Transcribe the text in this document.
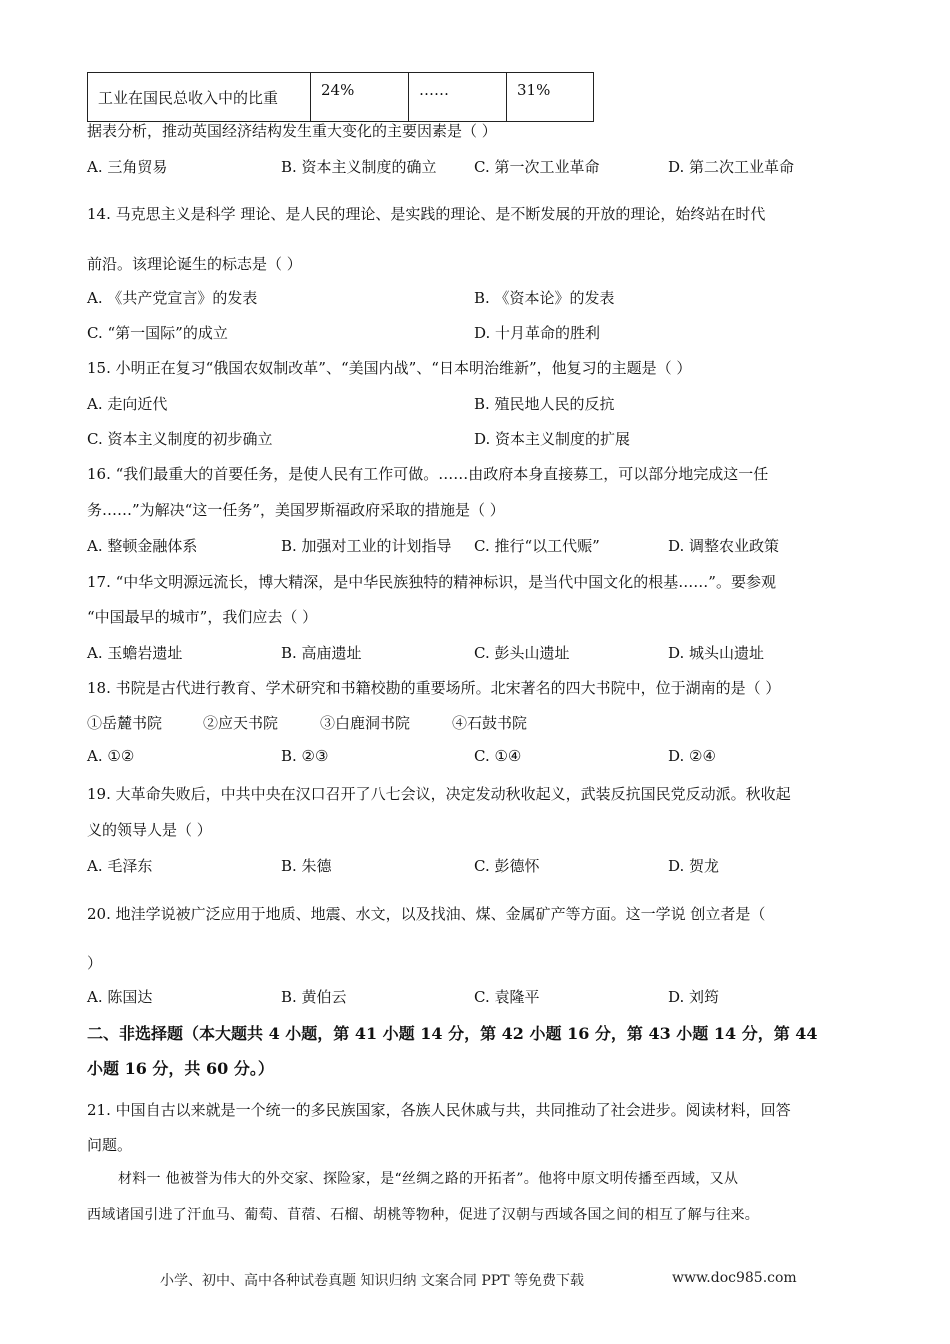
工业在国民总收入中的比重	24%	……	31%
据表分析，推动英国经济结构发生重大变化的主要因素是（ ）
A. 三角贸易	B. 资本主义制度的确立 C. 第一次工业革命	D. 第二次工业革命
14. 马克思主义是科学 理论、是人民的理论、是实践的理论、是不断发展的开放的理论，始终站在时代
前沿。该理论诞生的标志是（ ）
A. 《共产党宣言》的发表	B. 《资本论》的发表
C. “第一国际”的成立	D. 十月革命的胜利
15. 小明正在复习“俄国农奴制改革”、“美国内战”、“日本明治维新”，他复习的主题是（ ）
A. 走向近代	B. 殖民地人民的反抗
C. 资本主义制度的初步确立	D. 资本主义制度的扩展
16. “我们最重大的首要任务，是使人民有工作可做。……由政府本身直接募工，可以部分地完成这一任
务……”为解决“这一任务”，美国罗斯福政府采取的措施是（ ）
A. 整顿金融体系	B. 加强对工业的计划指导 C. 推行“以工代赈”	D. 调整农业政策
17. “中华文明源远流长，博大精深，是中华民族独特的精神标识，是当代中国文化的根基……”。要参观
“中国最早的城市”，我们应去（ ）
A. 玉蟾岩遗址	B. 高庙遗址	C. 彭头山遗址	D. 城头山遗址
18. 书院是古代进行教育、学术研究和书籍校勘的重要场所。北宋著名的四大书院中，位于湖南的是（ ）
①岳麓书院	②应天书院	③白鹿洞书院	④石鼓书院
A. ①②	B. ②③	C. ①④	D. ②④
19. 大革命失败后，中共中央在汉口召开了八七会议，决定发动秋收起义，武装反抗国民党反动派。秋收起
义的领导人是（ ）
A. 毛泽东	B. 朱德	C. 彭德怀	D. 贺龙
20. 地洼学说被广泛应用于地质、地震、水文，以及找油、煤、金属矿产等方面。这一学说 创立者是（
）
A. 陈国达	B. 黄伯云	C. 袁隆平	D. 刘筠
二、非选择题（本大题共 4 小题，第 41 小题 14 分，第 42 小题 16 分，第 43 小题 14 分，第 44
小题 16 分，共 60 分。）
21. 中国自古以来就是一个统一的多民族国家，各族人民休戚与共，共同推动了社会进步。阅读材料，回答
问题。
材料一 他被誉为伟大的外交家、探险家，是“丝绸之路的开拓者”。他将中原文明传播至西域，又从
西域诸国引进了汗血马、葡萄、苜蓿、石榴、胡桃等物种，促进了汉朝与西域各国之间的相互了解与往来。
小学、初中、高中各种试卷真题 知识归纳 文案合同 PPT 等免费下载	www.doc985.com
